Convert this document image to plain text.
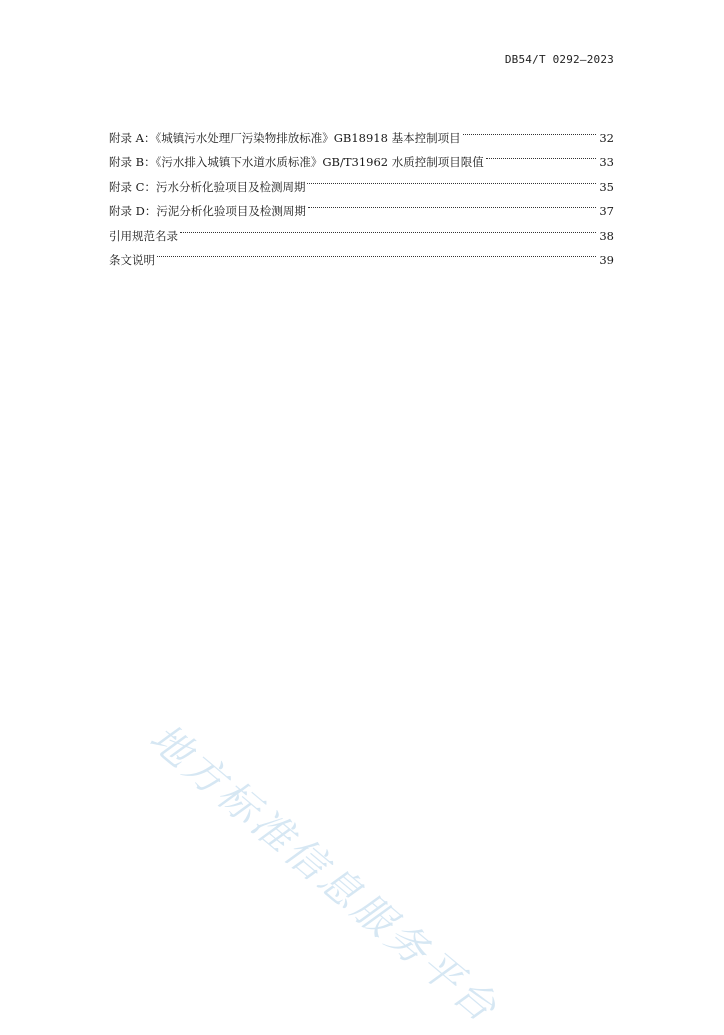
DB54/T 0292—2023
附录 A：《城镇污水处理厂污染物排放标准》GB18918 基本控制项目	32
附录 B：《污水排入城镇下水道水质标准》GB/T31962 水质控制项目限值	33
附录 C：污水分析化验项目及检测周期	35
附录 D：污泥分析化验项目及检测周期	37
引用规范名录	38
条文说明	39
地方标准信息服务平台
